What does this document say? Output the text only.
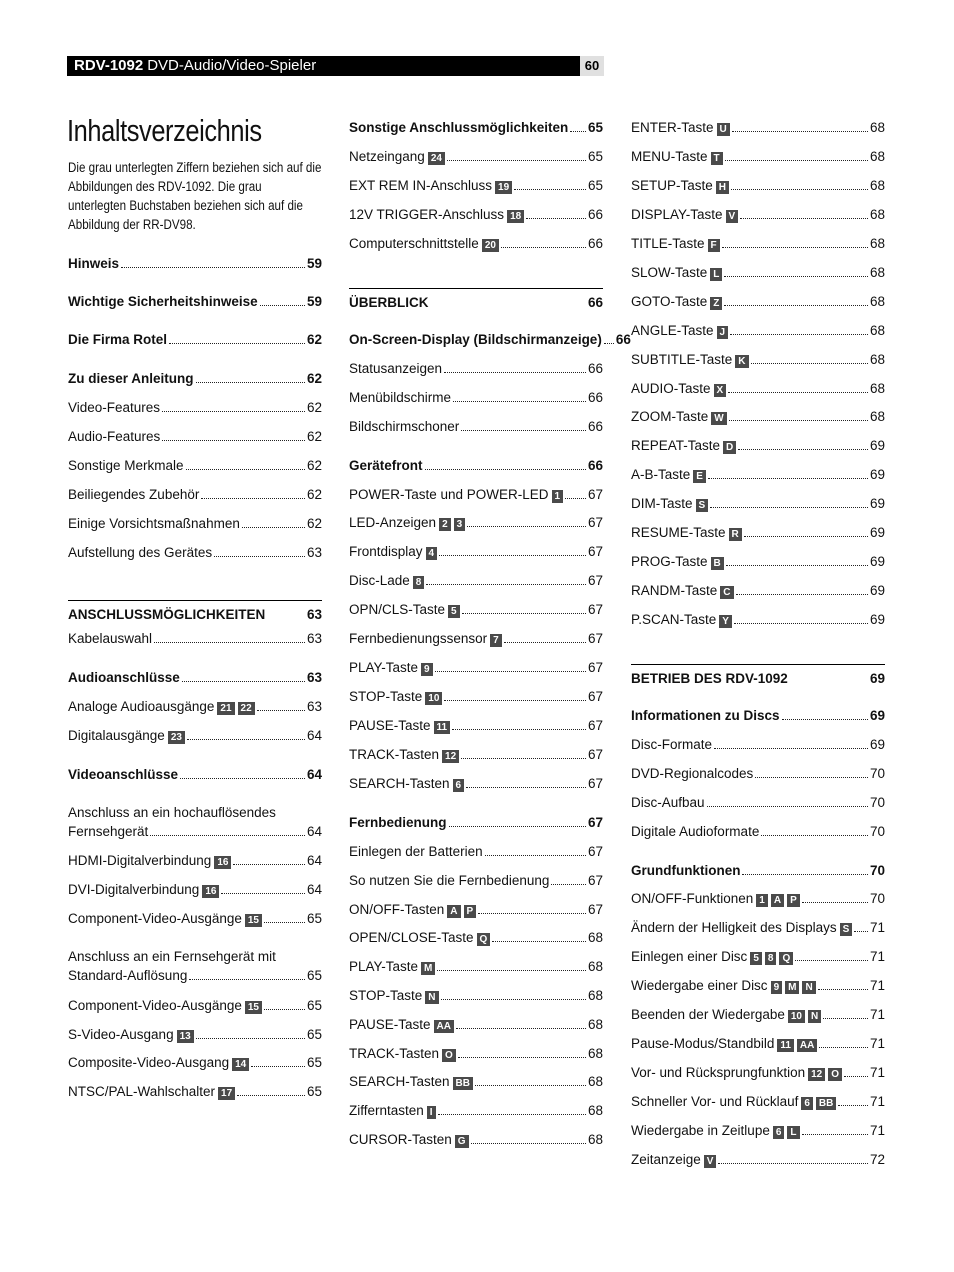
RDV-1092 DVD-Audio/Video-Spieler	60
Inhaltsverzeichnis
Die grau unterlegten Ziffern beziehen sich auf die Abbildungen des RDV-1092. Die grau unterlegten Buchstaben beziehen sich auf die Abbildung der RR-DV98.
Hinweis	59
Wichtige Sicherheitshinweise	59
Die Firma Rotel	62
Zu dieser Anleitung	62
Video-Features	62
Audio-Features	62
Sonstige Merkmale	62
Beiliegendes Zubehör	62
Einige Vorsichtsmaßnahmen	62
Aufstellung des Gerätes	63
ANSCHLUSSMÖGLICHKEITEN	63
Kabelauswahl	63
Audioanschlüsse	63
Analoge Audioausgänge 21 22	63
Digitalausgänge 23	64
Videoanschlüsse	64
Anschluss an ein hochauflösendes
Fernsehgerät	64
HDMI-Digitalverbindung 16	64
DVI-Digitalverbindung 16	64
Component-Video-Ausgänge 15	65
Anschluss an ein Fernsehgerät mit
Standard-Auflösung	65
Component-Video-Ausgänge 15	65
S-Video-Ausgang 13	65
Composite-Video-Ausgang 14	65
NTSC/PAL-Wahlschalter 17	65
Sonstige Anschlussmöglichkeiten 65
Netzeingang 24	65
EXT REM IN-Anschluss 19	65
12V TRIGGER-Anschluss 18	66
Computerschnittstelle 20	66
ÜBERBLICK	66
On-Screen-Display (Bildschirmanzeige) 66
Statusanzeigen	66
Menübildschirme	66
Bildschirmschoner	66
Gerätefront	66
POWER-Taste und POWER-LED 1 67
LED-Anzeigen 2 3	67
Frontdisplay 4	67
Disc-Lade 8	67
OPN/CLS-Taste 5	67
Fernbedienungssensor 7	67
PLAY-Taste 9	67
STOP-Taste 10	67
PAUSE-Taste 11	67
TRACK-Tasten 12	67
SEARCH-Tasten 6	67
Fernbedienung	67
Einlegen der Batterien	67
So nutzen Sie die Fernbedienung	67
ON/OFF-Tasten A P	67
OPEN/CLOSE-Taste Q	68
PLAY-Taste M	68
STOP-Taste N	68
PAUSE-Taste AA	68
TRACK-Tasten O	68
SEARCH-Tasten BB	68
Zifferntasten I	68
CURSOR-Tasten G	68
ENTER-Taste U	68
MENU-Taste T	68
SETUP-Taste H	68
DISPLAY-Taste V	68
TITLE-Taste F	68
SLOW-Taste L	68
GOTO-Taste Z	68
ANGLE-Taste J	68
SUBTITLE-Taste K	68
AUDIO-Taste X	68
ZOOM-Taste W	68
REPEAT-Taste D	69
A-B-Taste E	69
DIM-Taste S	69
RESUME-Taste R	69
PROG-Taste B	69
RANDM-Taste C	69
P.SCAN-Taste Y	69
BETRIEB DES RDV-1092	69
Informationen zu Discs	69
Disc-Formate	69
DVD-Regionalcodes	70
Disc-Aufbau	70
Digitale Audioformate	70
Grundfunktionen	70
ON/OFF-Funktionen 1 A P	70
Ändern der Helligkeit des Displays S 71
Einlegen einer Disc 5 8 Q	71
Wiedergabe einer Disc 9 M N	71
Beenden der Wiedergabe 10 N	71
Pause-Modus/Standbild 11 AA	71
Vor- und Rücksprungfunktion 12 O 71
Schneller Vor- und Rücklauf 6 BB	71
Wiedergabe in Zeitlupe 6 L	71
Zeitanzeige V	72
